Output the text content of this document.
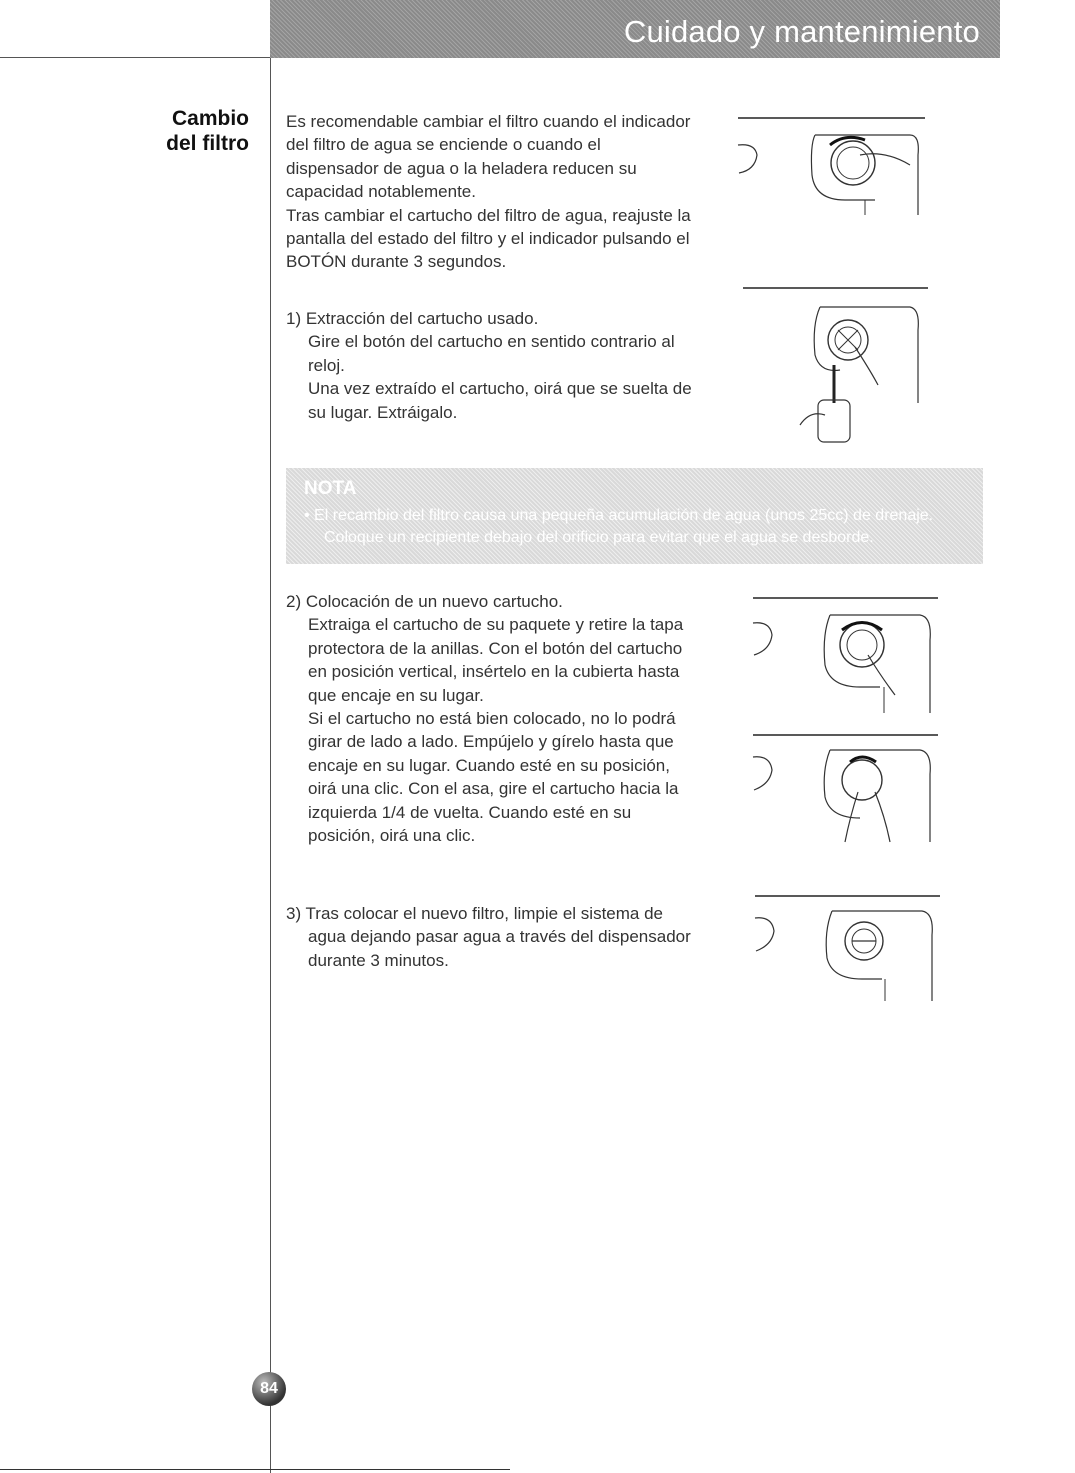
Cuidado y mantenimiento
Cambio
del filtro
Es recomendable cambiar el filtro cuando el indicador
del filtro de agua se enciende o cuando el
dispensador de agua o la heladera reducen su
capacidad notablemente.
Tras cambiar el cartucho del filtro de agua, reajuste la
pantalla del estado del filtro y el indicador pulsando el
BOTÓN durante 3 segundos.
1) Extracción del cartucho usado.
Gire el botón del cartucho en sentido contrario al
reloj.
Una vez extraído el cartucho, oirá que se suelta de
su lugar. Extráigalo.
NOTA
• El recambio del filtro causa una pequeña acumulación de agua (unos 25cc) de drenaje.
Coloque un recipiente debajo del orificio para evitar que el agua se desborde.
2) Colocación de un nuevo cartucho.
Extraiga el cartucho de su paquete y retire la tapa
protectora de la anillas. Con el botón del cartucho
en posición vertical, insértelo en la cubierta hasta
que encaje en su lugar.
Si el cartucho no está bien colocado, no lo podrá
girar de lado a lado. Empújelo y gírelo hasta que
encaje en su lugar. Cuando esté en su posición,
oirá una clic. Con el asa, gire el cartucho hacia la
izquierda 1/4 de vuelta. Cuando esté en su
posición, oirá una clic.
3) Tras colocar el nuevo filtro, limpie el sistema de
agua dejando pasar agua a través del dispensador
durante 3 minutos.
84
